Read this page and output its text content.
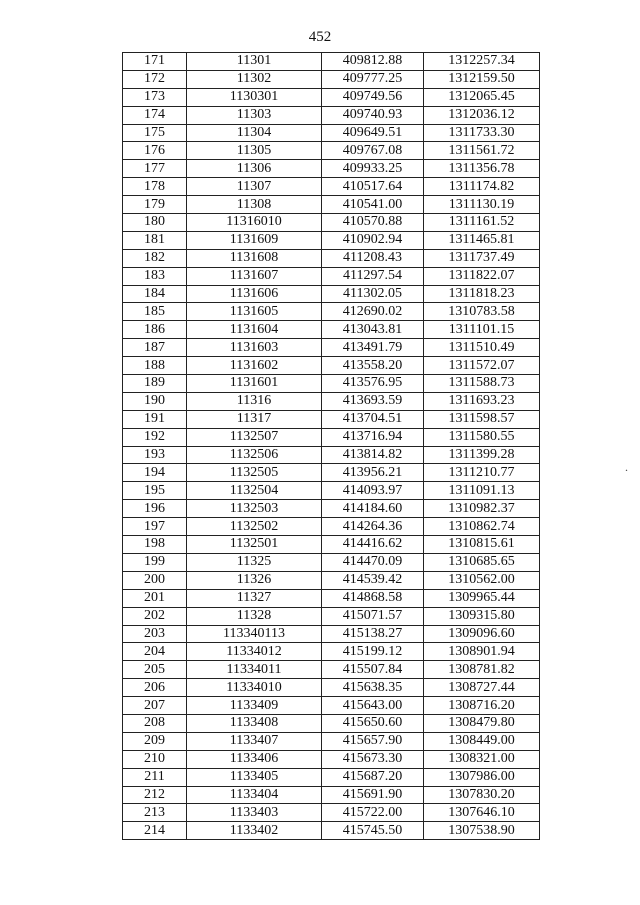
452
171	11301	409812.88	1312257.34
172	11302	409777.25	1312159.50
173	1130301	409749.56	1312065.45
174	11303	409740.93	1312036.12
175	11304	409649.51	1311733.30
176	11305	409767.08	1311561.72
177	11306	409933.25	1311356.78
178	11307	410517.64	1311174.82
179	11308	410541.00	1311130.19
180	11316010	410570.88	1311161.52
181	1131609	410902.94	1311465.81
182	1131608	411208.43	1311737.49
183	1131607	411297.54	1311822.07
184	1131606	411302.05	1311818.23
185	1131605	412690.02	1310783.58
186	1131604	413043.81	1311101.15
187	1131603	413491.79	1311510.49
188	1131602	413558.20	1311572.07
189	1131601	413576.95	1311588.73
190	11316	413693.59	1311693.23
191	11317	413704.51	1311598.57
192	1132507	413716.94	1311580.55
193	1132506	413814.82	1311399.28
194	1132505	413956.21	1311210.77
195	1132504	414093.97	1311091.13
196	1132503	414184.60	1310982.37
197	1132502	414264.36	1310862.74
198	1132501	414416.62	1310815.61
199	11325	414470.09	1310685.65
200	11326	414539.42	1310562.00
201	11327	414868.58	1309965.44
202	11328	415071.57	1309315.80
203	113340113	415138.27	1309096.60
204	11334012	415199.12	1308901.94
205	11334011	415507.84	1308781.82
206	11334010	415638.35	1308727.44
207	1133409	415643.00	1308716.20
208	1133408	415650.60	1308479.80
209	1133407	415657.90	1308449.00
210	1133406	415673.30	1308321.00
211	1133405	415687.20	1307986.00
212	1133404	415691.90	1307830.20
213	1133403	415722.00	1307646.10
214	1133402	415745.50	1307538.90
.
